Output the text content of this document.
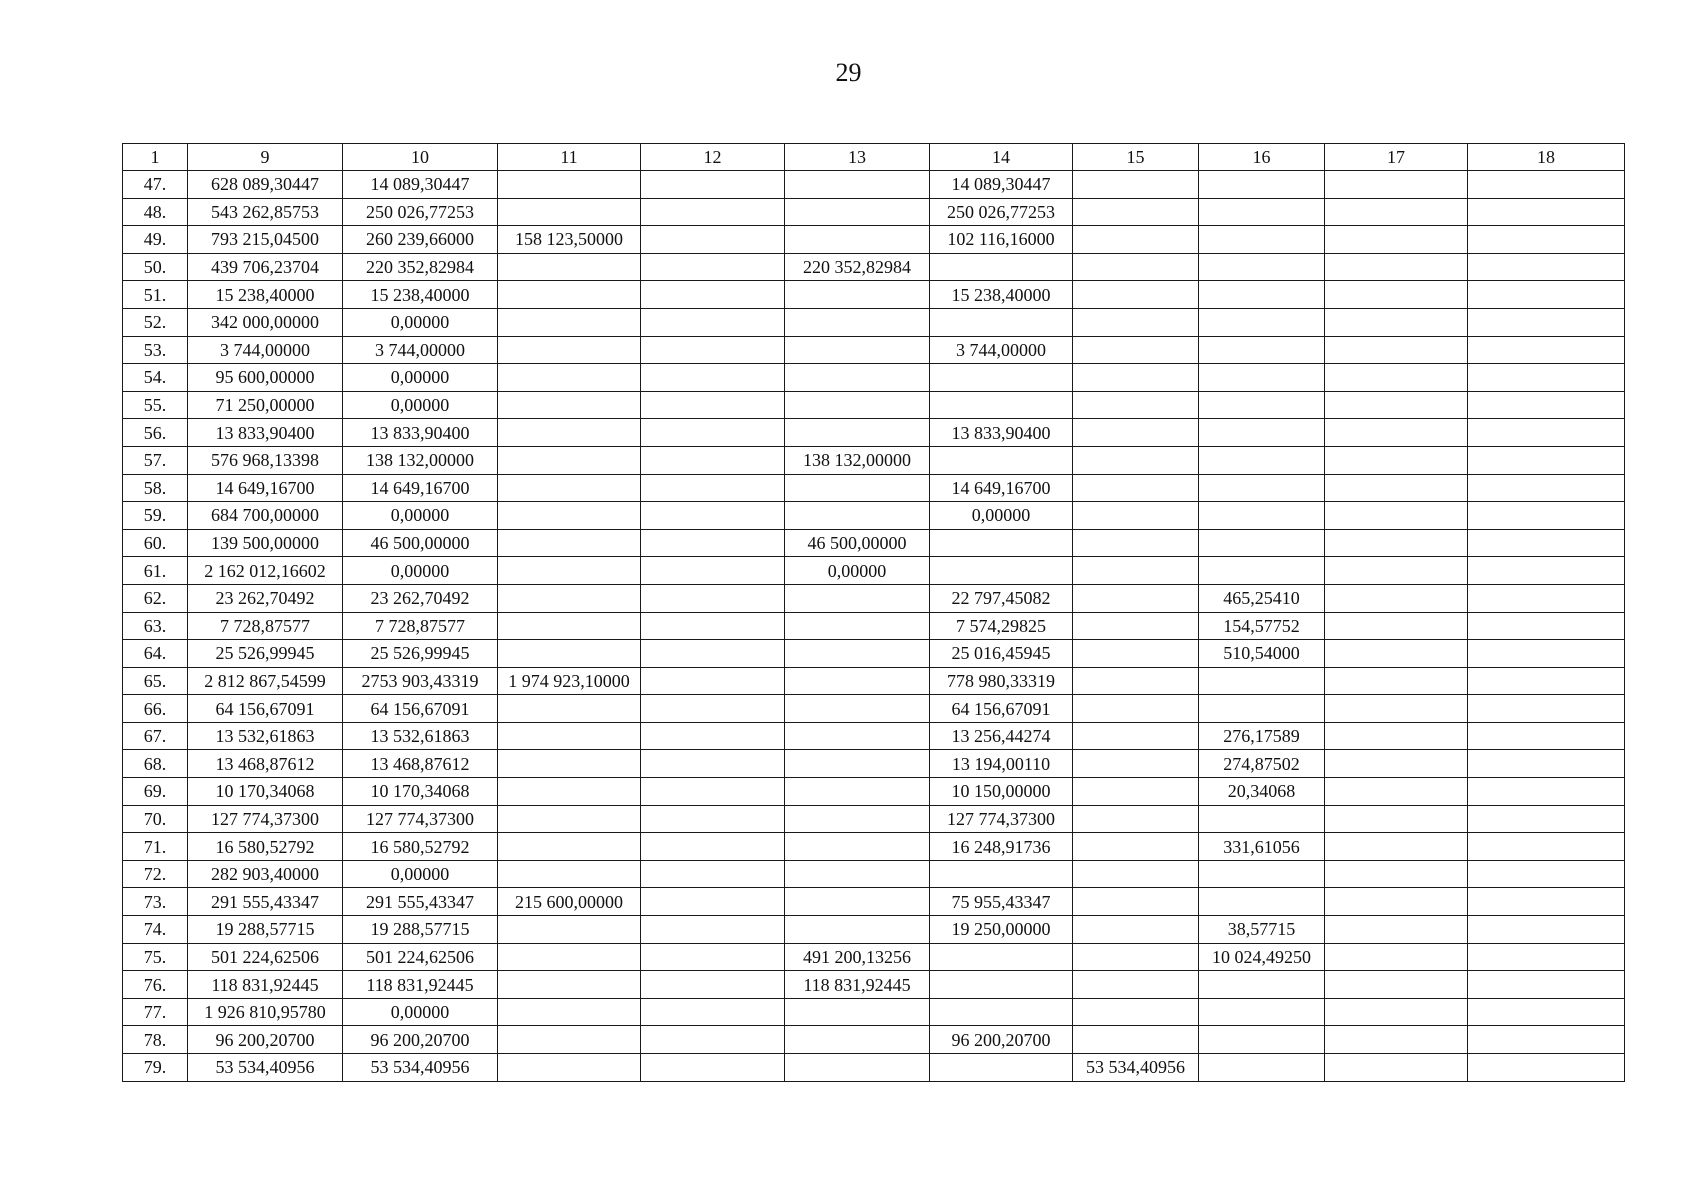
29
1	9	10	11	12	13	14	15	16	17	18
47.	628 089,30447	14 089,30447				14 089,30447				
48.	543 262,85753	250 026,77253				250 026,77253				
49.	793 215,04500	260 239,66000	158 123,50000			102 116,16000				
50.	439 706,23704	220 352,82984			220 352,82984					
51.	15 238,40000	15 238,40000				15 238,40000				
52.	342 000,00000	0,00000								
53.	3 744,00000	3 744,00000				3 744,00000				
54.	95 600,00000	0,00000								
55.	71 250,00000	0,00000								
56.	13 833,90400	13 833,90400				13 833,90400				
57.	576 968,13398	138 132,00000			138 132,00000					
58.	14 649,16700	14 649,16700				14 649,16700				
59.	684 700,00000	0,00000				0,00000				
60.	139 500,00000	46 500,00000			46 500,00000					
61.	2 162 012,16602	0,00000			0,00000					
62.	23 262,70492	23 262,70492				22 797,45082		465,25410		
63.	7 728,87577	7 728,87577				7 574,29825		154,57752		
64.	25 526,99945	25 526,99945				25 016,45945		510,54000		
65.	2 812 867,54599	2753 903,43319	1 974 923,10000			778 980,33319				
66.	64 156,67091	64 156,67091				64 156,67091				
67.	13 532,61863	13 532,61863				13 256,44274		276,17589		
68.	13 468,87612	13 468,87612				13 194,00110		274,87502		
69.	10 170,34068	10 170,34068				10 150,00000		20,34068		
70.	127 774,37300	127 774,37300				127 774,37300				
71.	16 580,52792	16 580,52792				16 248,91736		331,61056		
72.	282 903,40000	0,00000								
73.	291 555,43347	291 555,43347	215 600,00000			75 955,43347				
74.	19 288,57715	19 288,57715				19 250,00000		38,57715		
75.	501 224,62506	501 224,62506			491 200,13256			10 024,49250		
76.	118 831,92445	118 831,92445			118 831,92445					
77.	1 926 810,95780	0,00000								
78.	96 200,20700	96 200,20700				96 200,20700				
79.	53 534,40956	53 534,40956					53 534,40956			
